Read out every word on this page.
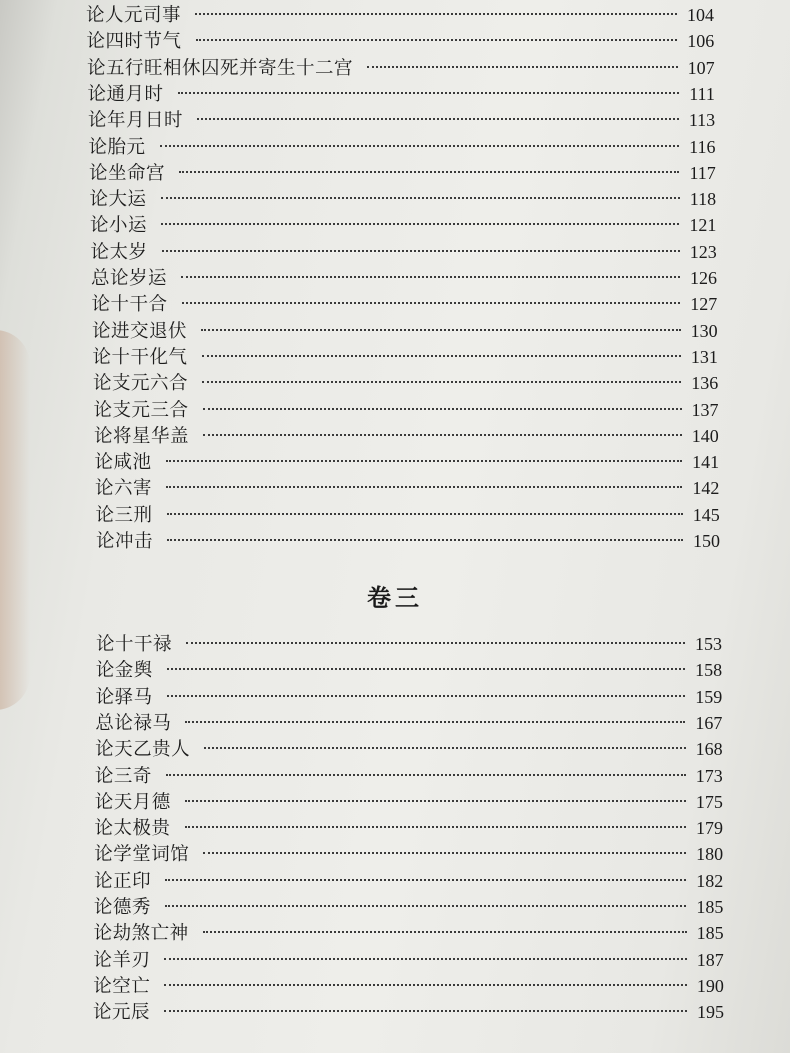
论人元司事	104
论四时节气	106
论五行旺相休囚死并寄生十二宫	107
论通月时	111
论年月日时	113
论胎元	116
论坐命宫	117
论大运	118
论小运	121
论太岁	123
总论岁运	126
论十干合	127
论进交退伏	130
论十干化气	131
论支元六合	136
论支元三合	137
论将星华盖	140
论咸池	141
论六害	142
论三刑	145
论冲击	150
卷三
论十干禄	153
论金舆	158
论驿马	159
总论禄马	167
论天乙贵人	168
论三奇	173
论天月德	175
论太极贵	179
论学堂词馆	180
论正印	182
论德秀	185
论劫煞亡神	185
论羊刃	187
论空亡	190
论元辰	195
